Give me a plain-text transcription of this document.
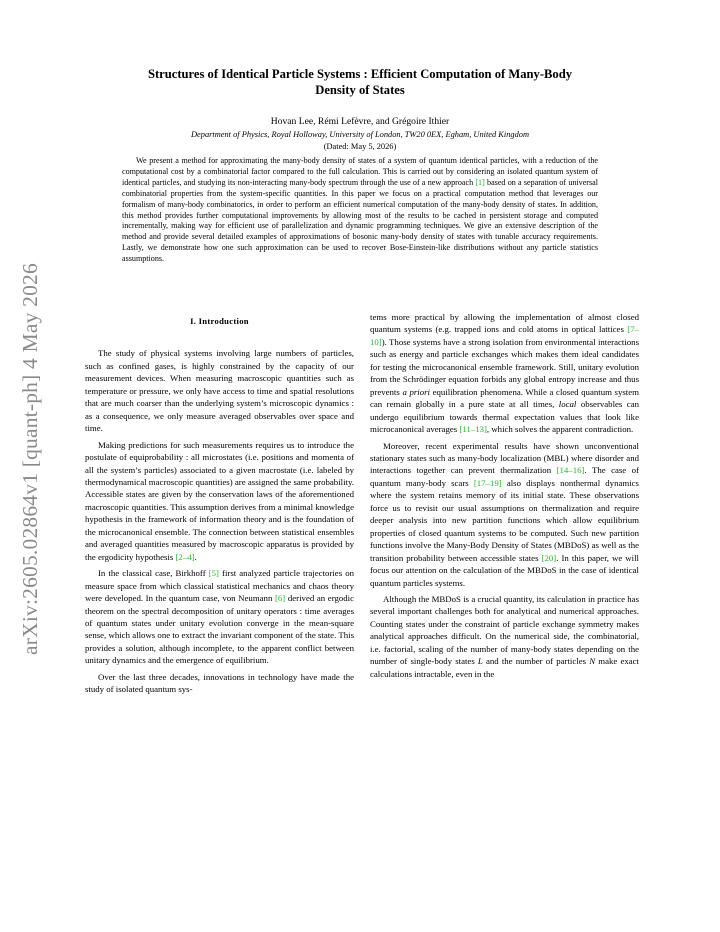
arXiv:2605.02864v1 [quant-ph] 4 May 2026
Structures of Identical Particle Systems : Efficient Computation of Many-Body
Density of States
Hovan Lee, Rémi Lefèvre, and Grégoire Ithier
Department of Physics, Royal Holloway, University of London, TW20 0EX, Egham, United Kingdom
(Dated: May 5, 2026)
We present a method for approximating the many-body density of states of a system of quantum identical particles, with a reduction of the computational cost by a combinatorial factor compared to the full calculation. This is carried out by considering an isolated quantum system of identical particles, and studying its non-interacting many-body spectrum through the use of a new approach [1] based on a separation of universal combinatorial properties from the system-specific quantities. In this paper we focus on a practical computation method that leverages our formalism of many-body combinatorics, in order to perform an efficient numerical computation of the many-body density of states. In addition, this method provides further computational improvements by allowing most of the results to be cached in persistent storage and computed incrementally, making way for efficient use of parallelization and dynamic programming techniques. We give an extensive description of the method and provide several detailed examples of approximations of bosonic many-body density of states with tunable accuracy requirements. Lastly, we demonstrate how one such approximation can be used to recover Bose-Einstein-like distributions without any particle statistics assumptions.
I. Introduction

The study of physical systems involving large numbers of particles, such as confined gases, is highly constrained by the capacity of our measurement devices. When measuring macroscopic quantities such as temperature or pressure, we only have access to time and spatial resolutions that are much coarser than the underlying system’s microscopic dynamics : as a consequence, we only measure averaged observables over space and time.

Making predictions for such measurements requires us to introduce the postulate of equiprobability : all microstates (i.e. positions and momenta of all the system’s particles) associated to a given macrostate (i.e. labeled by thermodynamical macroscopic quantities) are assigned the same probability. Accessible states are given by the conservation laws of the aforementioned macroscopic quantities. This assumption derives from a minimal knowledge hypothesis in the framework of information theory and is the foundation of the microcanonical ensemble. The connection between statistical ensembles and averaged quantities measured by macroscopic apparatus is provided by the ergodicity hypothesis [2–4].

In the classical case, Birkhoff [5] first analyzed particle trajectories on measure space from which classical statistical mechanics and chaos theory were developed. In the quantum case, von Neumann [6] derived an ergodic theorem on the spectral decomposition of unitary operators : time averages of quantum states under unitary evolution converge in the mean-square sense, which allows one to extract the invariant component of the state. This provides a solution, although incomplete, to the apparent conflict between unitary dynamics and the emergence of equilibrium.

Over the last three decades, innovations in technology have made the study of isolated quantum sys-

tems more practical by allowing the implementation of almost closed quantum systems (e.g. trapped ions and cold atoms in optical lattices [7–10]). Those systems have a strong isolation from environmental interactions such as energy and particle exchanges which makes them ideal candidates for testing the microcanonical ensemble framework. Still, unitary evolution from the Schrödinger equation forbids any global entropy increase and thus prevents a priori equilibration phenomena. While a closed quantum system can remain globally in a pure state at all times, local observables can undergo equilibrium towards thermal expectation values that look like microcanonical averages [11–13], which solves the apparent contradiction.

Moreover, recent experimental results have shown unconventional stationary states such as many-body localization (MBL) where disorder and interactions together can prevent thermalization [14–16]. The case of quantum many-body scars [17–19] also displays nonthermal dynamics where the system retains memory of its initial state. These observations force us to revisit our usual assumptions on thermalization and require deeper analysis into new partition functions which allow equilibrium properties of closed quantum systems to be computed. Such new partition functions involve the Many-Body Density of States (MBDoS) as well as the transition probability between accessible states [20]. In this paper, we will focus our attention on the calculation of the MBDoS in the case of identical quantum particles systems.

Although the MBDoS is a crucial quantity, its calculation in practice has several important challenges both for analytical and numerical approaches. Counting states under the constraint of particle exchange symmetry makes analytical approaches difficult. On the numerical side, the combinatorial, i.e. factorial, scaling of the number of many-body states depending on the number of single-body states L and the number of particles N make exact calculations intractable, even in the
